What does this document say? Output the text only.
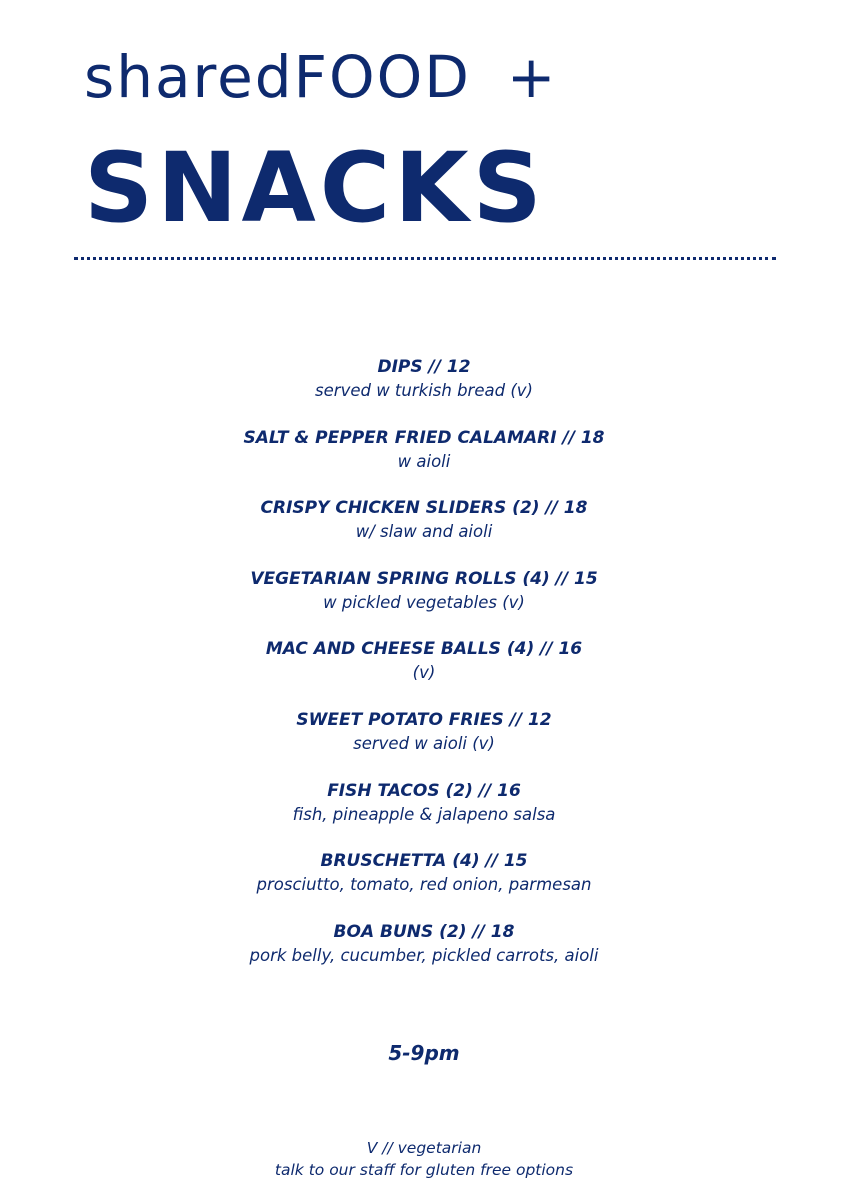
sharedFOOD +
SNACKS
DIPS // 12
served w turkish bread (v)
SALT & PEPPER FRIED CALAMARI // 18
w aioli
CRISPY CHICKEN SLIDERS (2) // 18
w/ slaw and aioli
VEGETARIAN SPRING ROLLS (4) // 15
w pickled vegetables (v)
MAC AND CHEESE BALLS (4) // 16
(v)
SWEET POTATO FRIES // 12
served w aioli (v)
FISH TACOS (2) // 16
fish, pineapple & jalapeno salsa
BRUSCHETTA (4) // 15
prosciutto, tomato, red onion, parmesan
BOA BUNS (2) // 18
pork belly, cucumber, pickled carrots, aioli
5-9pm
V // vegetarian
talk to our staff for gluten free options
